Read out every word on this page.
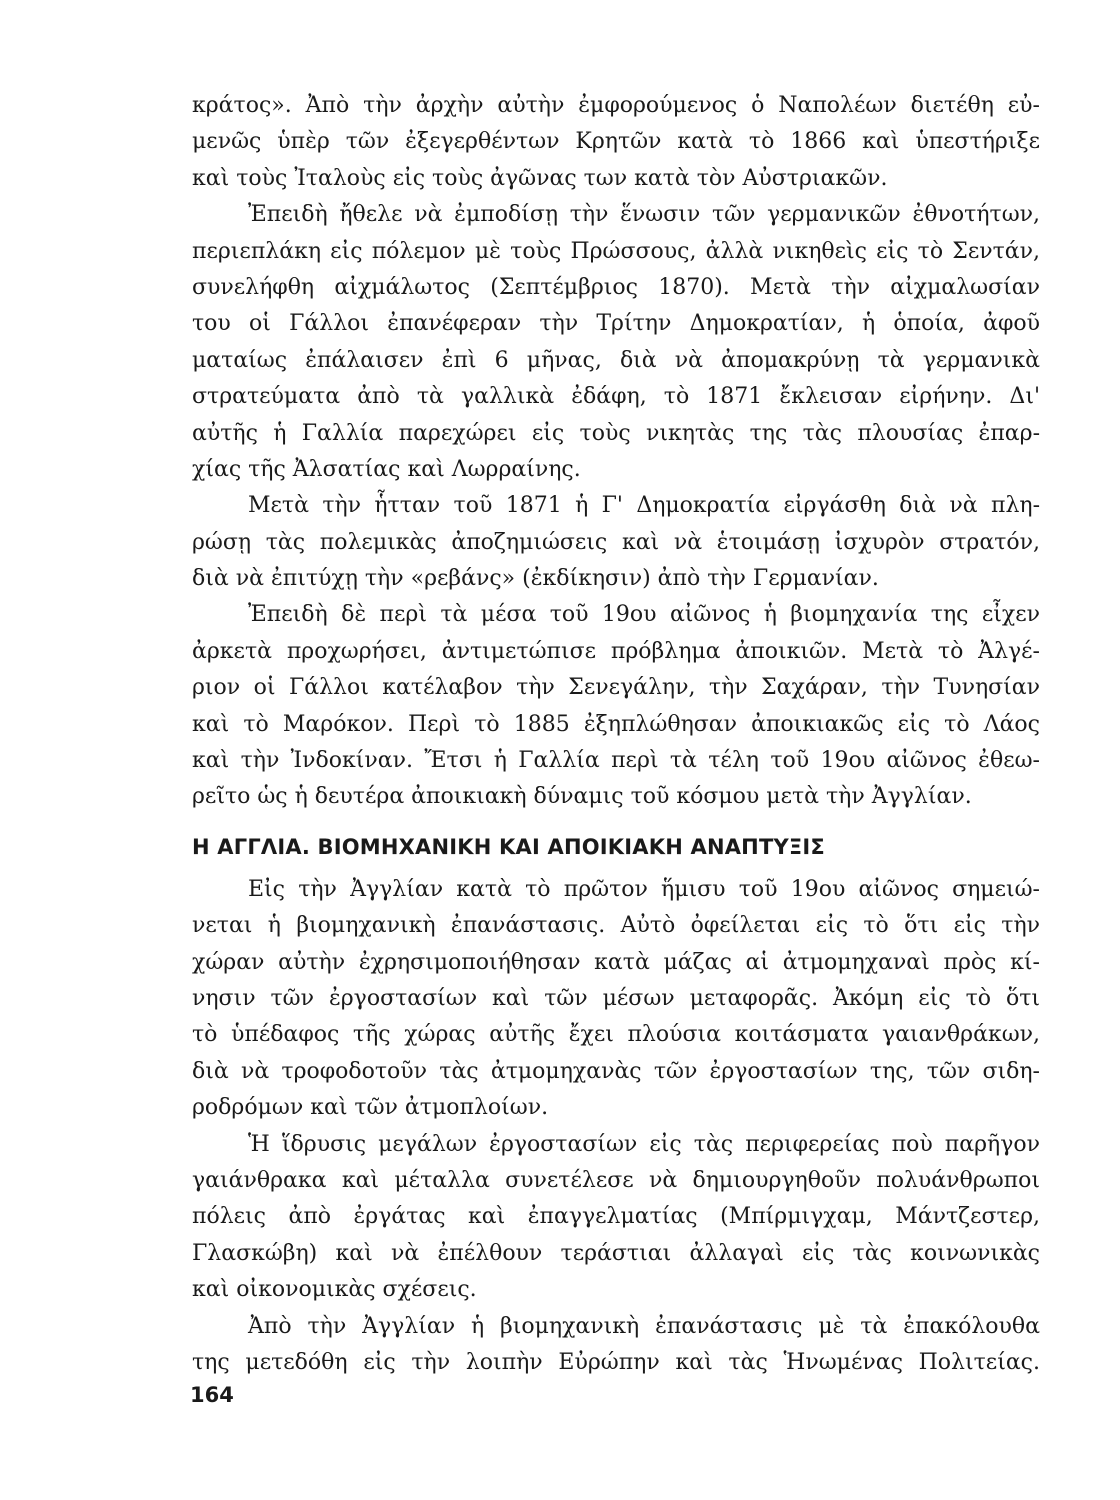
κράτος». Ἀπὸ τὴν ἀρχὴν αὐτὴν ἐμφορούμενος ὁ Ναπολέων διετέθη εὐ-
μενῶς ὑπὲρ τῶν ἐξεγερθέντων Κρητῶν κατὰ τὸ 1866 καὶ ὑπεστήριξε
καὶ τοὺς Ἰταλοὺς εἰς τοὺς ἀγῶνας των κατὰ τὸν Αὐστριακῶν.
Ἐπειδὴ ἤθελε νὰ ἐμποδίσῃ τὴν ἕνωσιν τῶν γερμανικῶν ἐθνοτήτων,
περιεπλάκη εἰς πόλεμον μὲ τοὺς Πρώσσους, ἀλλὰ νικηθεὶς εἰς τὸ Σεντάν,
συνελήφθη αἰχμάλωτος (Σεπτέμβριος 1870). Μετὰ τὴν αἰχμαλωσίαν
του οἱ Γάλλοι ἐπανέφεραν τὴν Τρίτην Δημοκρατίαν, ἡ ὁποία, ἀφοῦ
ματαίως ἐπάλαισεν ἐπὶ 6 μῆνας, διὰ νὰ ἀπομακρύνῃ τὰ γερμανικὰ
στρατεύματα ἀπὸ τὰ γαλλικὰ ἐδάφη, τὸ 1871 ἔκλεισαν εἰρήνην. Δι'
αὐτῆς ἡ Γαλλία παρεχώρει εἰς τοὺς νικητὰς της τὰς πλουσίας ἐπαρ-
χίας τῆς Ἀλσατίας καὶ Λωρραίνης.
Μετὰ τὴν ἧτταν τοῦ 1871 ἡ Γ' Δημοκρατία εἰργάσθη διὰ νὰ πλη-
ρώσῃ τὰς πολεμικὰς ἀποζημιώσεις καὶ νὰ ἑτοιμάσῃ ἰσχυρὸν στρατόν,
διὰ νὰ ἐπιτύχῃ τὴν «ρεβάνς» (ἐκδίκησιν) ἀπὸ τὴν Γερμανίαν.
Ἐπειδὴ δὲ περὶ τὰ μέσα τοῦ 19ου αἰῶνος ἡ βιομηχανία της εἶχεν
ἀρκετὰ προχωρήσει, ἀντιμετώπισε πρόβλημα ἀποικιῶν. Μετὰ τὸ Ἀλγέ-
ριον οἱ Γάλλοι κατέλαβον τὴν Σενεγάλην, τὴν Σαχάραν, τὴν Τυνησίαν
καὶ τὸ Μαρόκον. Περὶ τὸ 1885 ἐξηπλώθησαν ἀποικιακῶς εἰς τὸ Λάος
καὶ τὴν Ἰνδοκίναν. Ἔτσι ἡ Γαλλία περὶ τὰ τέλη τοῦ 19ου αἰῶνος ἐθεω-
ρεῖτο ὡς ἡ δευτέρα ἀποικιακὴ δύναμις τοῦ κόσμου μετὰ τὴν Ἀγγλίαν.
Η ΑΓΓΛΙΑ. ΒΙΟΜΗΧΑΝΙΚΗ ΚΑΙ ΑΠΟΙΚΙΑΚΗ ΑΝΑΠΤΥΞΙΣ
Εἰς τὴν Ἀγγλίαν κατὰ τὸ πρῶτον ἥμισυ τοῦ 19ου αἰῶνος σημειώ-
νεται ἡ βιομηχανικὴ ἐπανάστασις. Αὐτὸ ὀφείλεται εἰς τὸ ὅτι εἰς τὴν
χώραν αὐτὴν ἐχρησιμοποιήθησαν κατὰ μάζας αἱ ἀτμομηχαναὶ πρὸς κί-
νησιν τῶν ἐργοστασίων καὶ τῶν μέσων μεταφορᾶς. Ἀκόμη εἰς τὸ ὅτι
τὸ ὑπέδαφος τῆς χώρας αὐτῆς ἔχει πλούσια κοιτάσματα γαιανθράκων,
διὰ νὰ τροφοδοτοῦν τὰς ἀτμομηχανὰς τῶν ἐργοστασίων της, τῶν σιδη-
ροδρόμων καὶ τῶν ἀτμοπλοίων.
Ἡ ἵδρυσις μεγάλων ἐργοστασίων εἰς τὰς περιφερείας ποὺ παρῆγον
γαιάνθρακα καὶ μέταλλα συνετέλεσε νὰ δημιουργηθοῦν πολυάνθρωποι
πόλεις ἀπὸ ἐργάτας καὶ ἐπαγγελματίας (Μπίρμιγχαμ, Μάντζεστερ,
Γλασκώβη) καὶ νὰ ἐπέλθουν τεράστιαι ἀλλαγαὶ εἰς τὰς κοινωνικὰς
καὶ οἰκονομικὰς σχέσεις.
Ἀπὸ τὴν Ἀγγλίαν ἡ βιομηχανικὴ ἐπανάστασις μὲ τὰ ἐπακόλουθα
της μετεδόθη εἰς τὴν λοιπὴν Εὐρώπην καὶ τὰς Ἡνωμένας Πολιτείας.
164
